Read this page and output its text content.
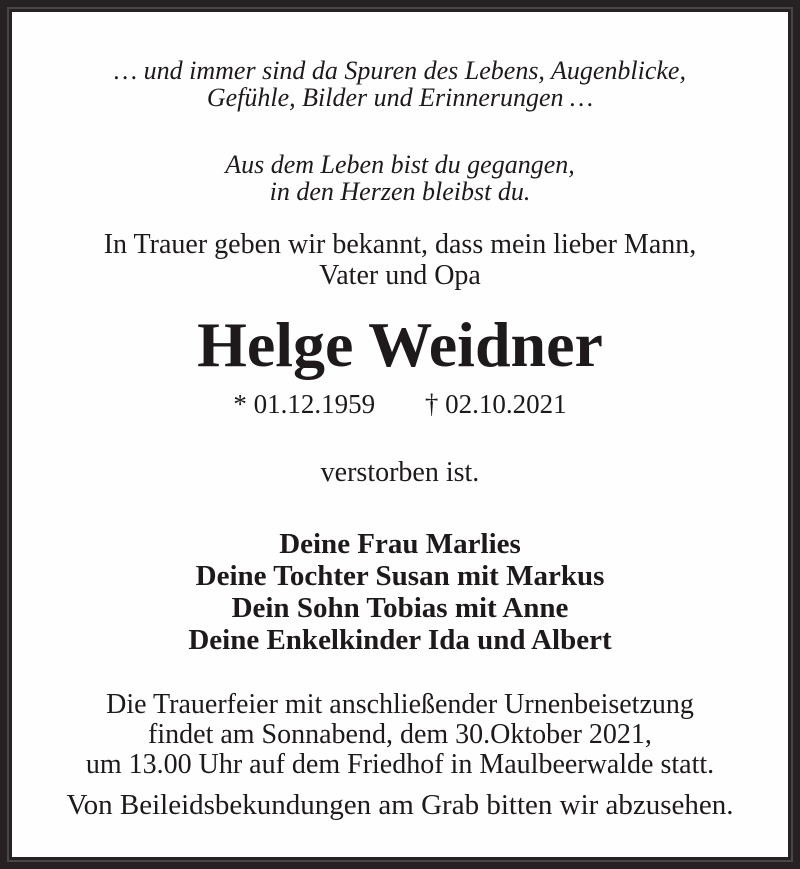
… und immer sind da Spuren des Lebens, Augenblicke,
Gefühle, Bilder und Erinnerungen …
Aus dem Leben bist du gegangen,
in den Herzen bleibst du.
In Trauer geben wir bekannt, dass mein lieber Mann,
Vater und Opa
Helge Weidner
* 01.12.1959 † 02.10.2021
verstorben ist.
Deine Frau Marlies
Deine Tochter Susan mit Markus
Dein Sohn Tobias mit Anne
Deine Enkelkinder Ida und Albert
Die Trauerfeier mit anschließender Urnenbeisetzung
findet am Sonnabend, dem 30.Oktober 2021,
um 13.00 Uhr auf dem Friedhof in Maulbeerwalde statt.
Von Beileidsbekundungen am Grab bitten wir abzusehen.
